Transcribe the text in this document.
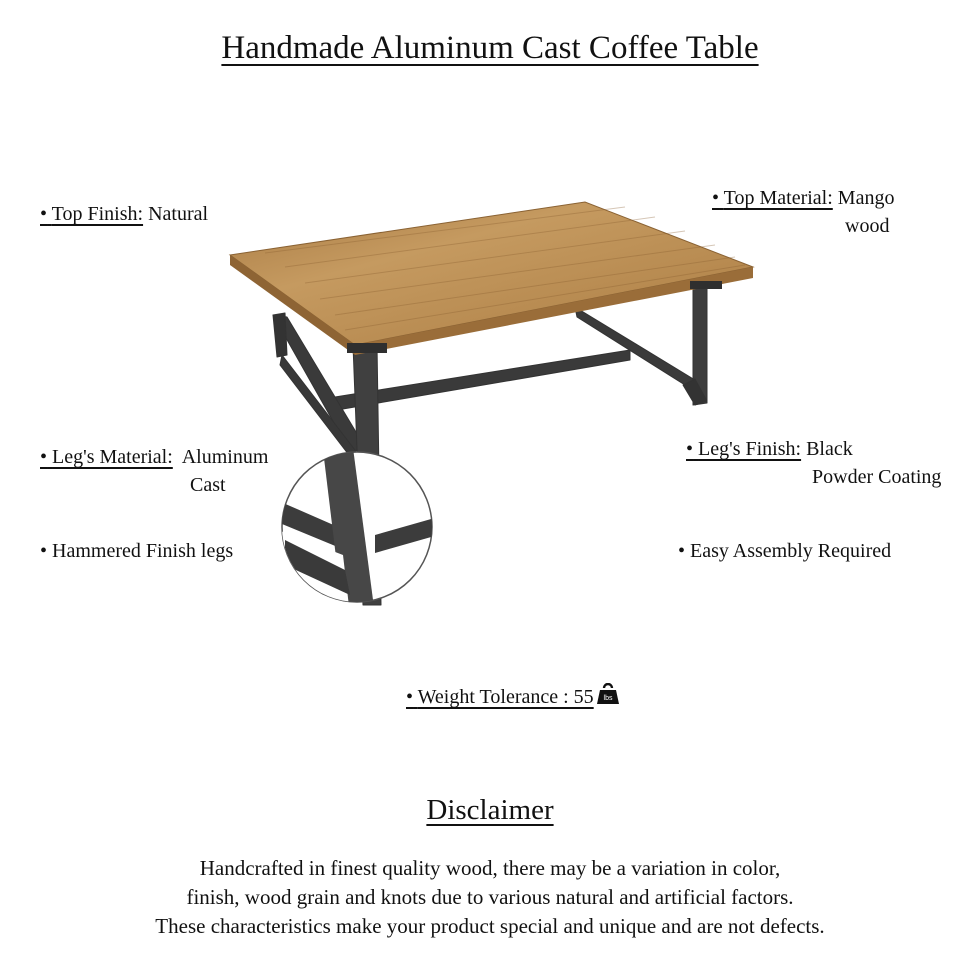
Handmade Aluminum Cast Coffee Table
• Top Finish: Natural
• Top Material: Mango
wood
• Leg's Material: Aluminum
Cast
• Leg's Finish: Black
Powder Coating
• Hammered Finish legs	• Easy Assembly Required
• Weight Tolerance : 55 lbs
Disclaimer
Handcrafted in finest quality wood, there may be a variation in color,
finish, wood grain and knots due to various natural and artificial factors.
These characteristics make your product special and unique and are not defects.
